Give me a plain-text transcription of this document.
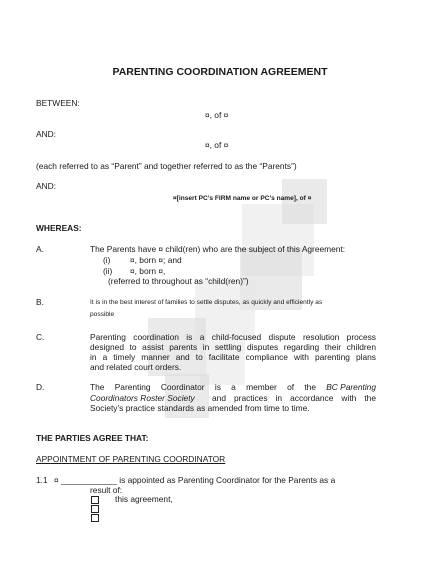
PARENTING COORDINATION AGREEMENT
BETWEEN:
¤, of ¤
AND:
¤, of ¤
(each referred to as “Parent” and together referred to as the “Parents”)
AND:
¤[insert PC’s FIRM name or PC’s name], of ¤
WHEREAS:
A.	The Parents have ¤ child(ren) who are the subject of this Agreement:
(i) ¤, born ¤; and
(ii) ¤, born ¤,
(referred to throughout as “child(ren)”)
B.	It is in the best interest of families to settle disputes, as quickly and efficiently as
possible
C.	Parenting coordination is a child-focused dispute resolution process
designed to assist parents in settling disputes regarding their children
in a timely manner and to facilitate compliance with parenting plans
and related court orders.
D.	The Parenting Coordinator is a member of the BC Parenting
Coordinators Roster Society and practices in accordance with the
Society’s practice standards as amended from time to time.
THE PARTIES AGREE THAT:
APPOINTMENT OF PARENTING COORDINATOR
1.1 ¤ ____________ is appointed as Parenting Coordinator for the Parents as a
result of:
this agreement,
